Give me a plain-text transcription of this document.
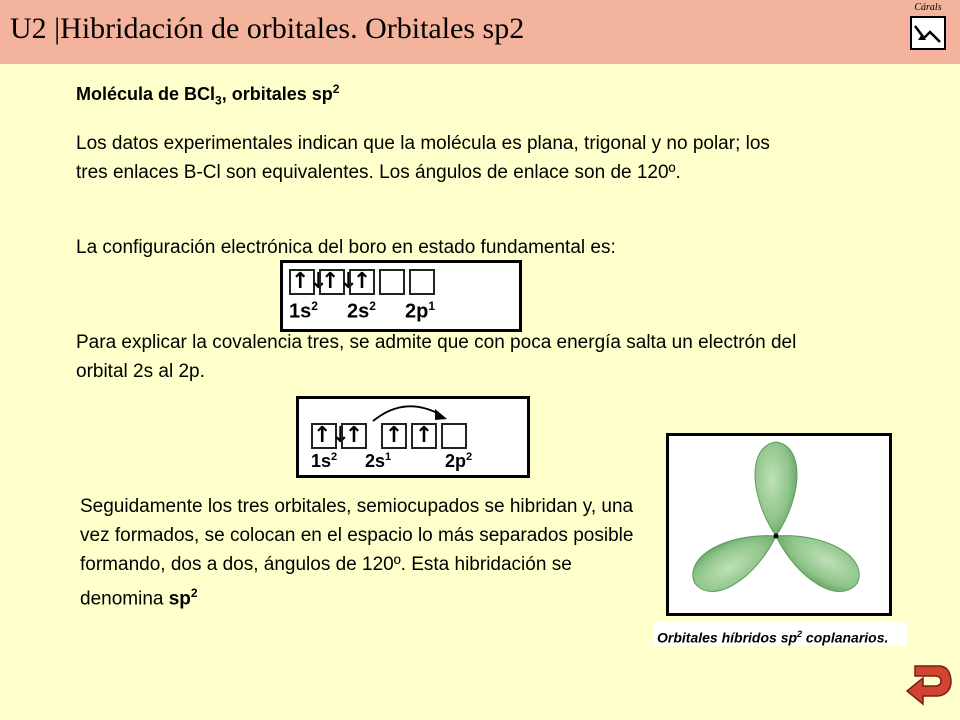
U2 |Hibridación de orbitales. Orbitales sp2
Cárals
Molécula de BCl$_3$, orbitales $sp^2$
Los datos experimentales indican que la molécula es plana, trigonal y no polar; los tres enlaces B-Cl son equivalentes. Los ángulos de enlace son de 120º.
La configuración electrónica del boro en estado fundamental es:
↑↓
↑↓
↑
$1s^2$ $2s^2$ $2p^1$
Para explicar la covalencia tres, se admite que con poca energía salta un electrón del orbital 2s al 2p.
↑↓
↑ ↑ ↑
$1s^2$ $2s^1$	$2p^2$
Seguidamente los tres orbitales, semiocupados se hibridan y, una vez formados, se colocan en el espacio lo más separados posible formando, dos a dos, ángulos de 120º. Esta hibridación se denomina $sp^2$
Orbitales híbridos $sp^2$ coplanarios.
